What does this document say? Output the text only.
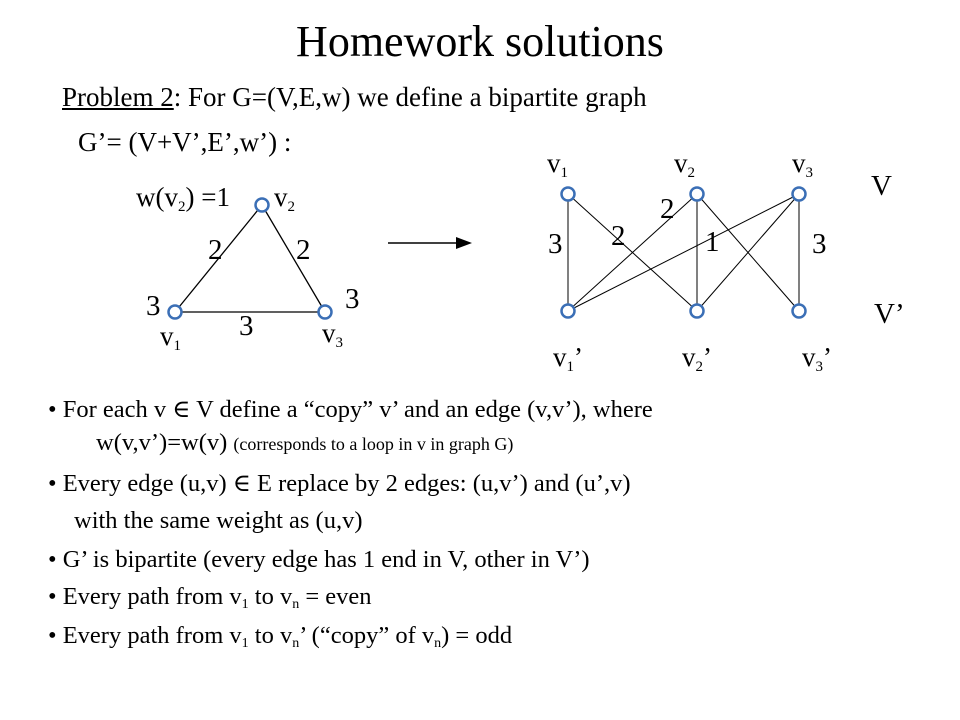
Homework solutions
Problem 2: For G=(V,E,w) we define a bipartite graph
G’= (V+V’,E’,w’) :
$w(v_2) =1$ $v_2$
$v_1$	$v_3$
2	2
3
3	3
$v_1$	$v_2$	$v_3$
$v_1$’	$v_2$’	$v_3$’
V
V’
3 2
2
1	3
• For each v ∈ V define a “copy” v’ and an edge (v,v’), where
w(v,v’)=w(v) (corresponds to a loop in v in graph G)
• Every edge (u,v) ∈ E replace by 2 edges: (u,v’) and (u’,v)
with the same weight as (u,v)
• G’ is bipartite (every edge has 1 end in V, other in V’)
• Every path from $v_1$ to $v_n$ = even
• Every path from $v_1$ to $v_n$’ (“copy” of $v_n$) = odd
